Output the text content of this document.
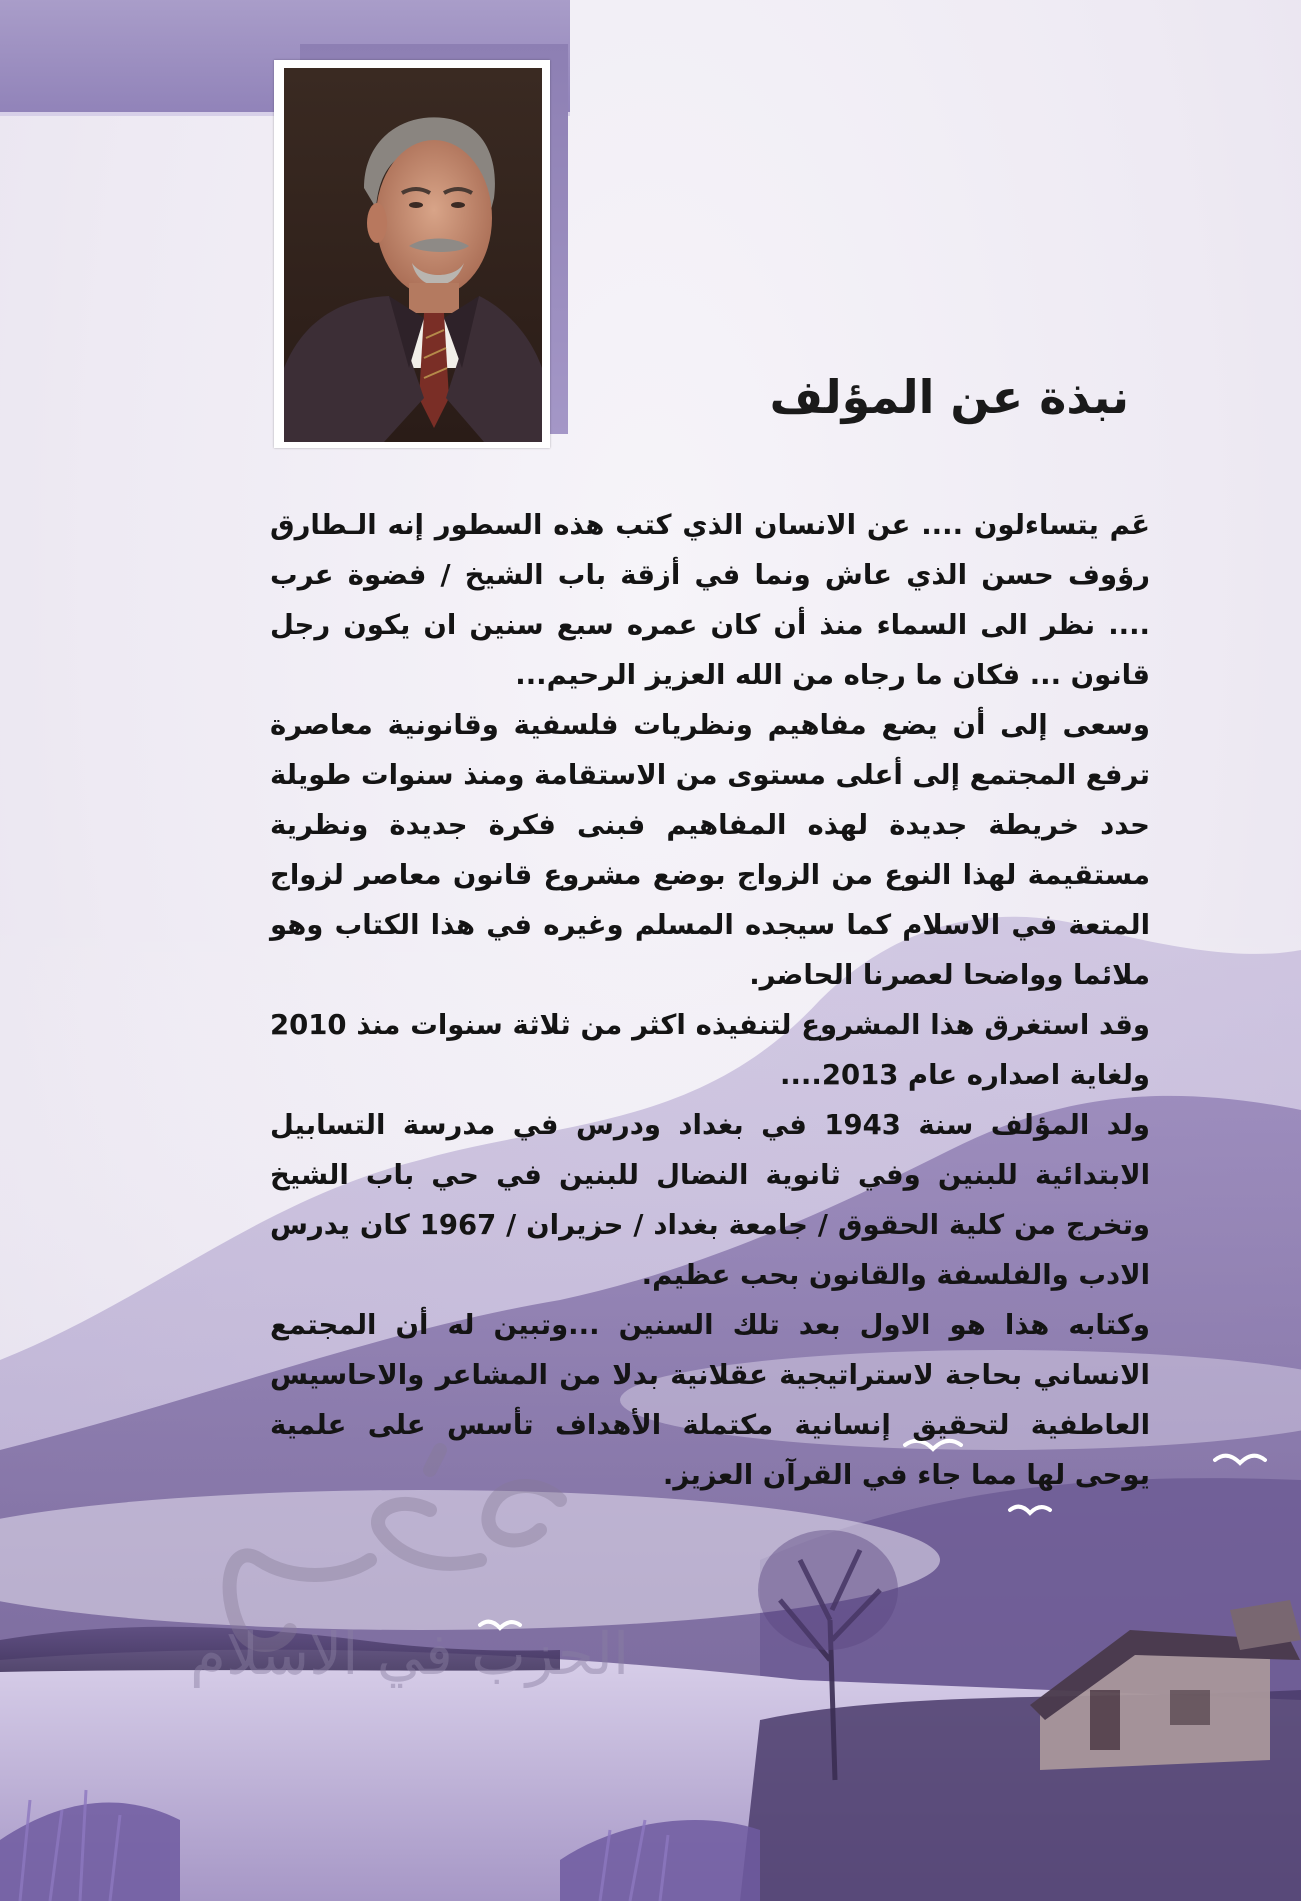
الحزب في الاسلام
نبذة عن المؤلف

عَم يتساءلون .... عن الانسان الذي كتب هذه السطور إنه الـطارق رؤوف حسن الذي عاش ونما في أزقة باب الشيخ / فضوة عرب .... نظر الى السماء منذ أن كان عمره سبع سنين ان يكون رجل قانون ... فكان ما رجاه من الله العزيز الرحيم...

وسعى إلى أن يضع مفاهيم ونظريات فلسفية وقانونية معاصرة ترفع المجتمع إلى أعلى مستوى من الاستقامة ومنذ سنوات طويلة حدد خريطة جديدة لهذه المفاهيم فبنى فكرة جديدة ونظرية مستقيمة لهذا النوع من الزواج بوضع مشروع قانون معاصر لزواج المتعة في الاسلام كما سيجده المسلم وغيره في هذا الكتاب وهو ملائما وواضحا لعصرنا الحاضر.

وقد استغرق هذا المشروع لتنفيذه اكثر من ثلاثة سنوات منذ 2010 ولغاية اصداره عام 2013....

ولد المؤلف سنة 1943 في بغداد ودرس في مدرسة التسابيل الابتدائية للبنين وفي ثانوية النضال للبنين في حي باب الشيخ وتخرج من كلية الحقوق / جامعة بغداد / حزيران / 1967 كان يدرس الادب والفلسفة والقانون بحب عظيم.

وكتابه هذا هو الاول بعد تلك السنين ...وتبين له أن المجتمع الانساني بحاجة لاستراتيجية عقلانية بدلا من المشاعر والاحاسيس العاطفية لتحقيق إنسانية مكتملة الأهداف تأسس على علمية يوحى لها مما جاء في القرآن العزيز.
